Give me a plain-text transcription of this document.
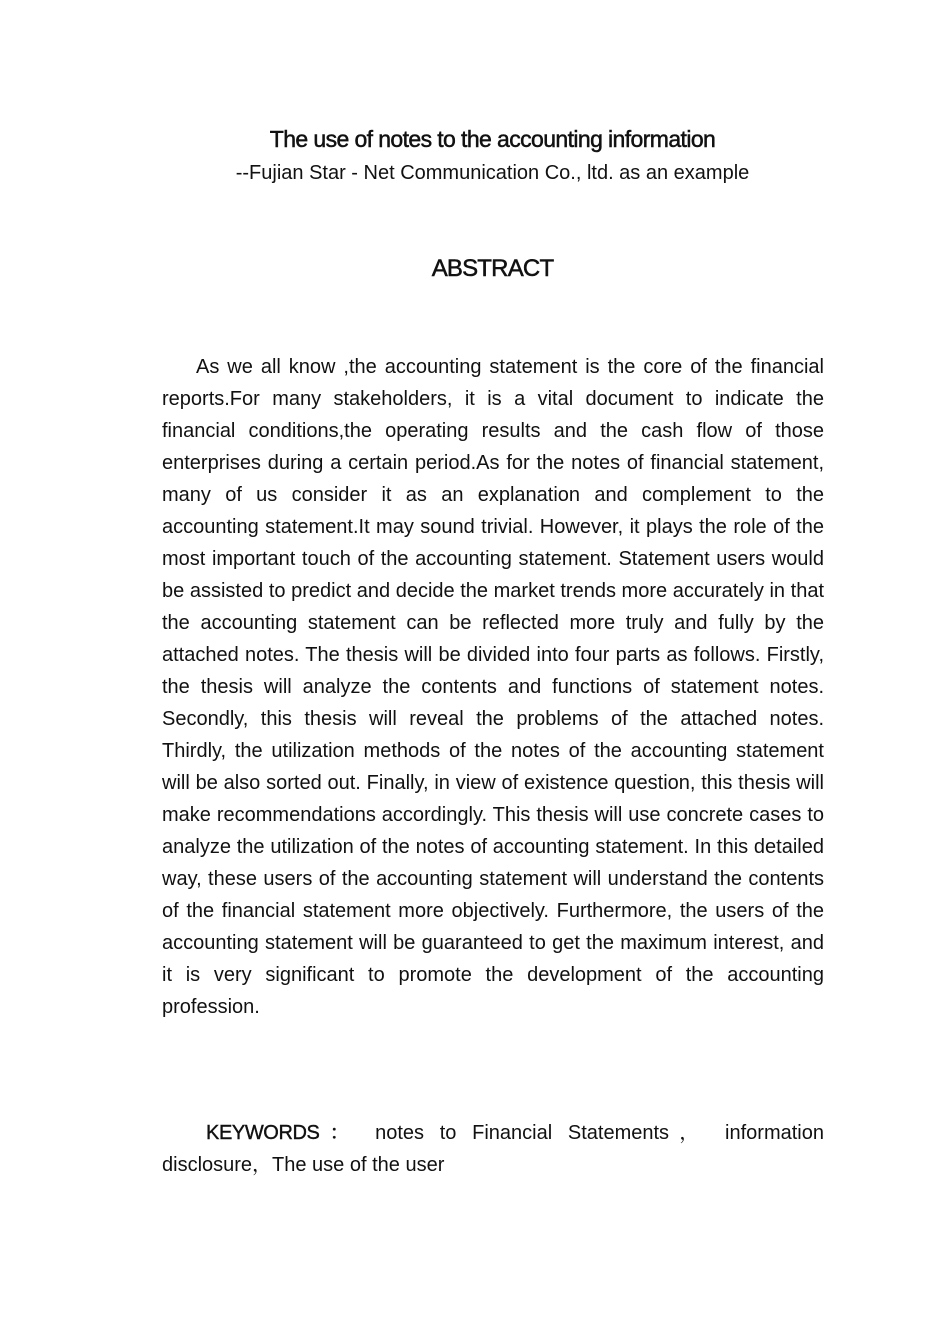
The use of notes to the accounting information

--Fujian Star - Net Communication Co., ltd. as an example

ABSTRACT

As we all know ,the accounting statement is the core of the financial reports.For many stakeholders, it is a vital document to indicate the financial conditions,the operating results and the cash flow of those enterprises during a certain period.As for the notes of financial statement, many of us consider it as an explanation and complement to the accounting statement.It may sound trivial. However, it plays the role of the most important touch of the accounting statement. Statement users would be assisted to predict and decide the market trends more accurately in that the accounting statement can be reflected more truly and fully by the attached notes. The thesis will be divided into four parts as follows. Firstly, the thesis will analyze the contents and functions of statement notes. Secondly, this thesis will reveal the problems of the attached notes. Thirdly, the utilization methods of the notes of the accounting statement will be also sorted out. Finally, in view of existence question, this thesis will make recommendations accordingly. This thesis will use concrete cases to analyze the utilization of the notes of accounting statement. In this detailed way, these users of the accounting statement will understand the contents of the financial statement more objectively. Furthermore, the users of the accounting statement will be guaranteed to get the maximum interest, and it is very significant to promote the development of the accounting profession.

KEYWORDS： notes to Financial Statements， information disclosure，The use of the user
